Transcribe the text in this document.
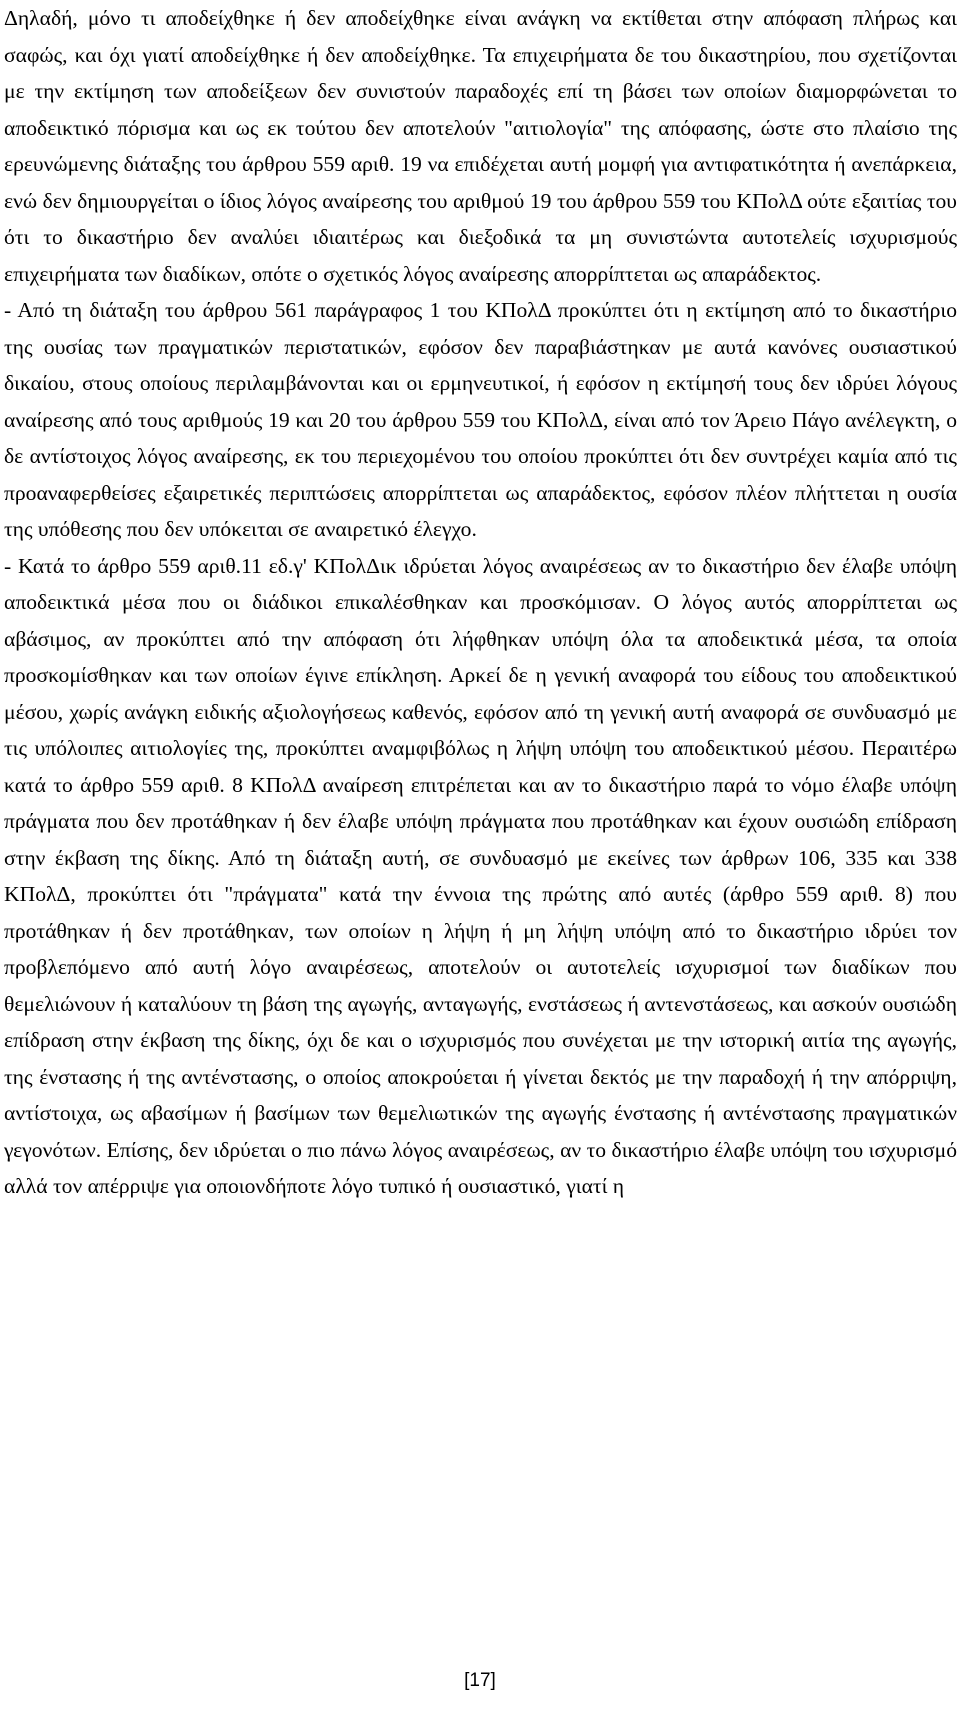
Δηλαδή, μόνο τι αποδείχθηκε ή δεν αποδείχθηκε είναι ανάγκη να εκτίθεται στην απόφαση πλήρως και σαφώς, και όχι γιατί αποδείχθηκε ή δεν αποδείχθηκε. Τα επιχειρήματα δε του δικαστηρίου, που σχετίζονται με την εκτίμηση των αποδείξεων δεν συνιστούν παραδοχές επί τη βάσει των οποίων διαμορφώνεται το αποδεικτικό πόρισμα και ως εκ τούτου δεν αποτελούν "αιτιολογία" της απόφασης, ώστε στο πλαίσιο της ερευνώμενης διάταξης του άρθρου 559 αριθ. 19 να επιδέχεται αυτή μομφή για αντιφατικότητα ή ανεπάρκεια, ενώ δεν δημιουργείται ο ίδιος λόγος αναίρεσης του αριθμού 19 του άρθρου 559 του ΚΠολΔ ούτε εξαιτίας του ότι το δικαστήριο δεν αναλύει ιδιαιτέρως και διεξοδικά τα μη συνιστώντα αυτοτελείς ισχυρισμούς επιχειρήματα των διαδίκων, οπότε ο σχετικός λόγος αναίρεσης απορρίπτεται ως απαράδεκτος.

- Από τη διάταξη του άρθρου 561 παράγραφος 1 του ΚΠολΔ προκύπτει ότι η εκτίμηση από το δικαστήριο της ουσίας των πραγματικών περιστατικών, εφόσον δεν παραβιάστηκαν με αυτά κανόνες ουσιαστικού δικαίου, στους οποίους περιλαμβάνονται και οι ερμηνευτικοί, ή εφόσον η εκτίμησή τους δεν ιδρύει λόγους αναίρεσης από τους αριθμούς 19 και 20 του άρθρου 559 του ΚΠολΔ, είναι από τον Άρειο Πάγο ανέλεγκτη, ο δε αντίστοιχος λόγος αναίρεσης, εκ του περιεχομένου του οποίου προκύπτει ότι δεν συντρέχει καμία από τις προαναφερθείσες εξαιρετικές περιπτώσεις απορρίπτεται ως απαράδεκτος, εφόσον πλέον πλήττεται η ουσία της υπόθεσης που δεν υπόκειται σε αναιρετικό έλεγχο.

- Κατά το άρθρο 559 αριθ.11 εδ.γ' ΚΠολΔικ ιδρύεται λόγος αναιρέσεως αν το δικαστήριο δεν έλαβε υπόψη αποδεικτικά μέσα που οι διάδικοι επικαλέσθηκαν και προσκόμισαν. Ο λόγος αυτός απορρίπτεται ως αβάσιμος, αν προκύπτει από την απόφαση ότι λήφθηκαν υπόψη όλα τα αποδεικτικά μέσα, τα οποία προσκομίσθηκαν και των οποίων έγινε επίκληση. Αρκεί δε η γενική αναφορά του είδους του αποδεικτικού μέσου, χωρίς ανάγκη ειδικής αξιολογήσεως καθενός, εφόσον από τη γενική αυτή αναφορά σε συνδυασμό με τις υπόλοιπες αιτιολογίες της, προκύπτει αναμφιβόλως η λήψη υπόψη του αποδεικτικού μέσου. Περαιτέρω κατά το άρθρο 559 αριθ. 8 ΚΠολΔ αναίρεση επιτρέπεται και αν το δικαστήριο παρά το νόμο έλαβε υπόψη πράγματα που δεν προτάθηκαν ή δεν έλαβε υπόψη πράγματα που προτάθηκαν και έχουν ουσιώδη επίδραση στην έκβαση της δίκης. Από τη διάταξη αυτή, σε συνδυασμό με εκείνες των άρθρων 106, 335 και 338 ΚΠολΔ, προκύπτει ότι "πράγματα" κατά την έννοια της πρώτης από αυτές (άρθρο 559 αριθ. 8) που προτάθηκαν ή δεν προτάθηκαν, των οποίων η λήψη ή μη λήψη υπόψη από το δικαστήριο ιδρύει τον προβλεπόμενο από αυτή λόγο αναιρέσεως, αποτελούν οι αυτοτελείς ισχυρισμοί των διαδίκων που θεμελιώνουν ή καταλύουν τη βάση της αγωγής, ανταγωγής, ενστάσεως ή αντενστάσεως, και ασκούν ουσιώδη επίδραση στην έκβαση της δίκης, όχι δε και ο ισχυρισμός που συνέχεται με την ιστορική αιτία της αγωγής, της ένστασης ή της αντένστασης, ο οποίος αποκρούεται ή γίνεται δεκτός με την παραδοχή ή την απόρριψη, αντίστοιχα, ως αβασίμων ή βασίμων των θεμελιωτικών της αγωγής ένστασης ή αντένστασης πραγματικών γεγονότων. Επίσης, δεν ιδρύεται ο πιο πάνω λόγος αναιρέσεως, αν το δικαστήριο έλαβε υπόψη του ισχυρισμό αλλά τον απέρριψε για οποιονδήποτε λόγο τυπικό ή ουσιαστικό, γιατί η

[17]
